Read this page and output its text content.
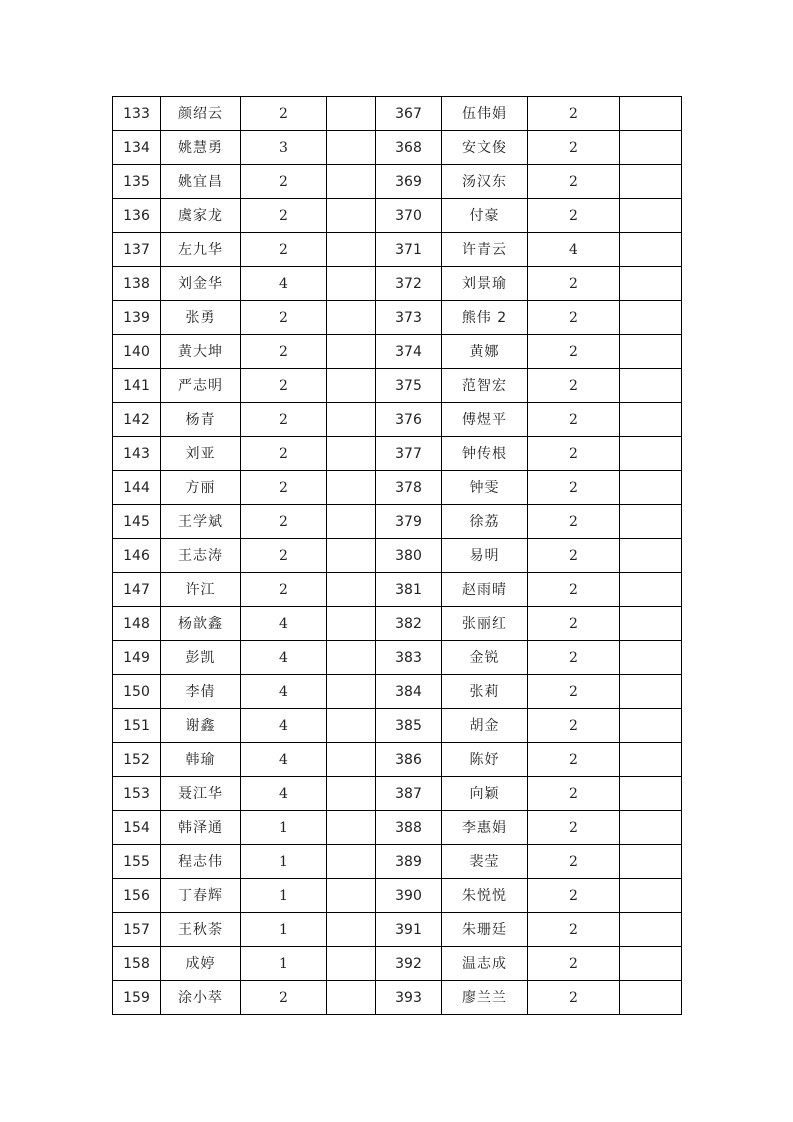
133	颜绍云	2		367	伍伟娟	2	
134	姚慧勇	3		368	安文俊	2	
135	姚宜昌	2		369	汤汉东	2	
136	虞家龙	2		370	付豪	2	
137	左九华	2		371	许青云	4	
138	刘金华	4		372	刘景瑜	2	
139	张勇	2		373	熊伟 2	2	
140	黄大坤	2		374	黄娜	2	
141	严志明	2		375	范智宏	2	
142	杨青	2		376	傅煜平	2	
143	刘亚	2		377	钟传根	2	
144	方丽	2		378	钟雯	2	
145	王学斌	2		379	徐荔	2	
146	王志涛	2		380	易明	2	
147	许江	2		381	赵雨晴	2	
148	杨歆鑫	4		382	张丽红	2	
149	彭凯	4		383	金锐	2	
150	李倩	4		384	张莉	2	
151	谢鑫	4		385	胡金	2	
152	韩瑜	4		386	陈妤	2	
153	聂江华	4		387	向颖	2	
154	韩泽通	1		388	李惠娟	2	
155	程志伟	1		389	裴莹	2	
156	丁春辉	1		390	朱悦悦	2	
157	王秋荼	1		391	朱珊廷	2	
158	成婷	1		392	温志成	2	
159	涂小萃	2		393	廖兰兰	2	
